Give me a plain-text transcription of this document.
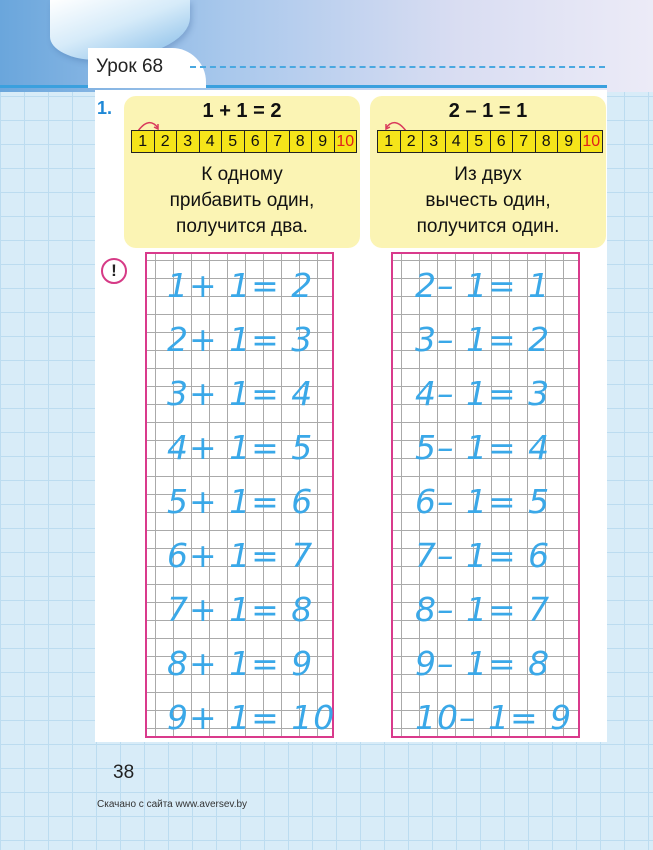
Урок 68
1.	1 + 1 = 2
1 2 3 4 5 6 7 8 9 10
К одному
прибавить один,
получится два.
2 – 1 = 1
1 2 3 4 5 6 7 8 9 10
Из двух
вычесть один,
получится один.
!	1+ 1= 2
2+ 1= 3
3+ 1= 4
4+ 1= 5
5+ 1= 6
6+ 1= 7
7+ 1= 8
8+ 1= 9
9+ 1= 10
2– 1= 1
3– 1= 2
4– 1= 3
5– 1= 4
6– 1= 5
7– 1= 6
8– 1= 7
9– 1= 8
10– 1= 9
38
Скачано с сайта www.aversev.by
